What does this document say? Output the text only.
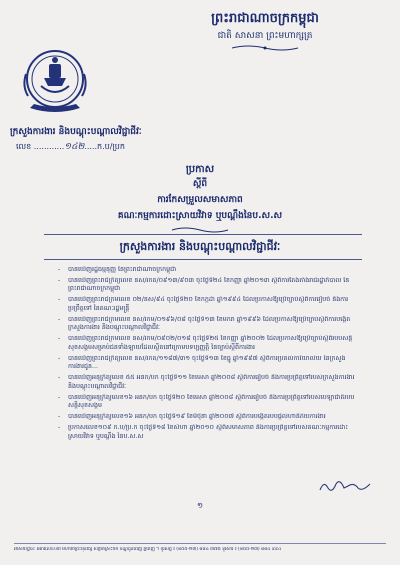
ព្រះរាជាណាចក្រកម្ពុជា
ជាតិ សាសនា ព្រះមហាក្សត្រ
ក្រសួងការងារ និងបណ្ដុះបណ្ដាលវិជ្ជាជីវៈ
លេខ ............១៤២.....ក.ប/ប្រក
ប្រកាស
ស្តីពី
ការកែសម្រួលសមាសភាព
គណៈកម្មការដោះស្រាយវិវាទ ឬបណ្ដឹងនៃប.ស.ស
ក្រសួងការងារ និងបណ្ដុះបណ្ដាលវិជ្ជាជីវៈ
- បានឃើញរដ្ឋធម្មនុញ្ញ នៃព្រះរាជាណាចក្រកម្ពុជា
- បានឃើញព្រះរាជក្រឹត្យលេខ នស/រកត/០៩១៣/៩០៣ ចុះថ្ងៃទី២៤ ខែកញ្ញា ឆ្នាំ២០១៣ ស្ដីពីការតែងតាំងរាជរដ្ឋាភិបាល នៃព្រះរាជាណាចក្រកម្ពុជា
- បានឃើញព្រះរាជក្រមលេខ ០២/នស/៩៤ ចុះថ្ងៃទី២០ ខែកក្កដា ឆ្នាំ១៩៩៤ ដែលប្រកាសឱ្យប្រើច្បាប់ស្ដីពីការរៀបចំ និងការប្រព្រឹត្តទៅ នៃគណៈរដ្ឋមន្ត្រី
- បានឃើញព្រះរាជក្រមលេខ នស/រកម/០១៩៦/០៨ ចុះថ្ងៃទី១៣ ខែមករា ឆ្នាំ១៩៩៦ ដែលប្រកាសឱ្យប្រើច្បាប់ស្ដីពីការបង្កើតក្រសួងការងារ និងបណ្ដុះបណ្ដាលវិជ្ជាជីវៈ
- បានឃើញព្រះរាជក្រមលេខ នស/រកម/០៩០២/០១៨ ចុះថ្ងៃទី២៥ ខែកញ្ញា ឆ្នាំ២០០២ ដែលប្រកាសឱ្យប្រើច្បាប់ស្ដីពីរបបសន្តិសុខសង្គមសម្រាប់ជនទាំងឡាយដែលស្ថិតនៅក្រោមបទប្បញ្ញត្តិ នៃច្បាប់ស្ដីពីការងារ
- បានឃើញព្រះរាជក្រឹត្យលេខ នស/រកត/១១៨៧/៣១ ចុះថ្ងៃទី១៣ ខែធ្នូ ឆ្នាំ១៩៩៧ ស្ដីពីការប្រគល់ការិយាល័យ នៃក្រសួងការងារជូន...
- បានឃើញអនុក្រឹត្យលេខ ៥៥ អនក/បក ចុះថ្ងៃទី១១ ខែមេសា ឆ្នាំ២០០៨ ស្ដីពីការរៀបចំ និងការប្រព្រឹត្តទៅរបស់ក្រសួងការងារ និងបណ្ដុះបណ្ដាលវិជ្ជាជីវៈ
- បានឃើញអនុក្រឹត្យលេខ១៦ អនក/បក ចុះថ្ងៃទី២០ ខែមេសា ឆ្នាំ២០០៨ ស្ដីពីការរៀបចំ និងការប្រព្រឹត្តទៅរបស់បេឡាជាតិរបបសន្តិសុខសង្គម
- បានឃើញអនុក្រឹត្យលេខ១៦ អនក/បក ចុះថ្ងៃទី១៩ ខែមិថុនា ឆ្នាំ២០០៧ ស្ដីពីការបង្កើតរបបផ្ដល់ហានិភ័យការងារ
- ប្រកាសលេខ១០៩ ក.ប/ប្រ.ក ចុះថ្ងៃទី១៨ ខែសីហា ឆ្នាំ២០១០ ស្ដីពីសមាសភាព និងការប្រព្រឹត្តទៅរបស់គណៈកម្មការដោះស្រាយវិវាទ ឬបណ្ដឹង នៃប.ស.ស
១
អាសយដ្ឋាន: អគារលេខ០៣ មហាវិថីព្រះមុនីវង្ស សង្កាត់ស្រះចក ខណ្ឌដូនពេញ ភ្នំពេញ ។ ទូរស័ព្ទ ៖ (៨៥៥-២៣) ៨៨៤ ៣៧៥ ទូរសារ ៖ (៨៥៥-២៣) ៨៨៤ ៩៩៤
